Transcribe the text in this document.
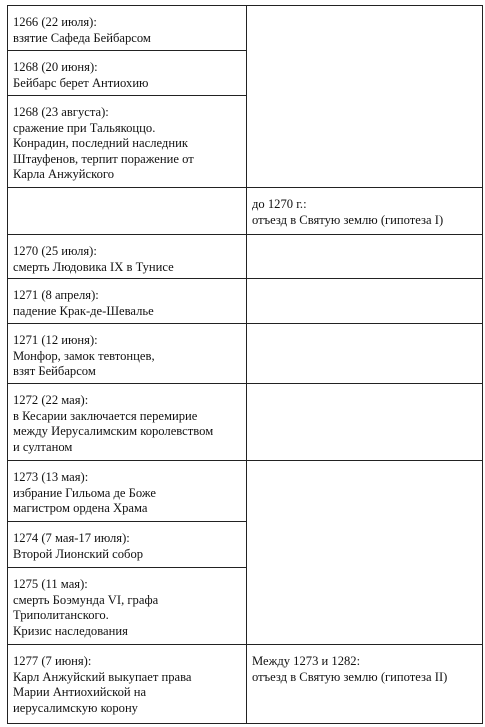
1266 (22 июля):
взятие Сафеда Бейбарсом
1268 (20 июня):
Бейбарс берет Антиохию
1268 (23 августа):
сражение при Тальякоццо.
Конрадин, последний наследник
Штауфенов, терпит поражение от
Карла Анжуйского
1270 (25 июля):
смерть Людовика IX в Тунисе
1271 (8 апреля):
падение Крак-де-Шевалье
1271 (12 июня):
Монфор, замок тевтонцев,
взят Бейбарсом
1272 (22 мая):
в Кесарии заключается перемирие
между Иерусалимским королевством
и султаном
1273 (13 мая):
избрание Гильома де Боже
магистром ордена Храма
1274 (7 мая-17 июля):
Второй Лионский собор
1275 (11 мая):
смерть Боэмунда VI, графа
Триполитанского.
Кризис наследования
1277 (7 июня):
Карл Анжуйский выкупает права
Марии Антиохийской на
иерусалимскую корону
до 1270 г.:
отъезд в Святую землю (гипотеза I)
Между 1273 и 1282:
отъезд в Святую землю (гипотеза II)
